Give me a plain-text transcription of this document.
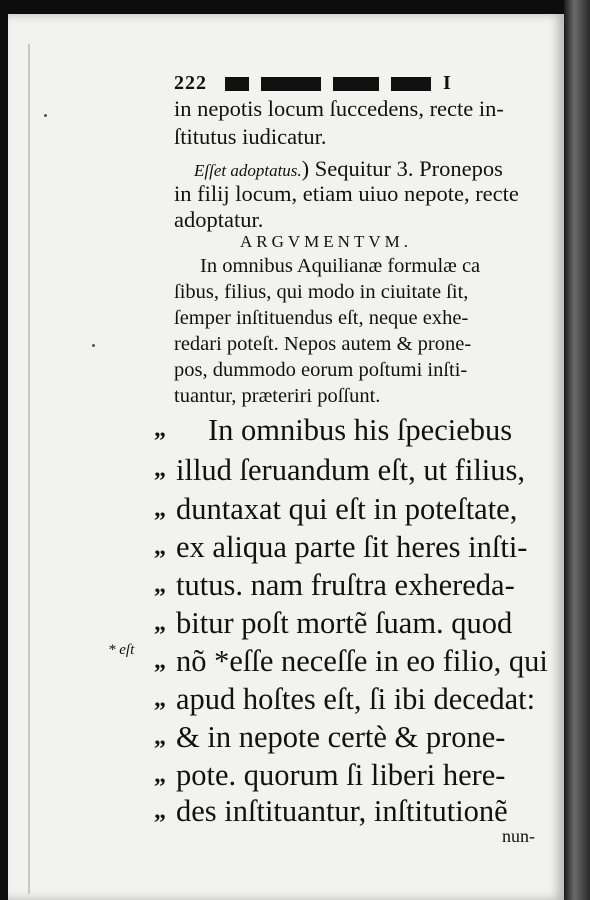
222	I
in nepotis locum ſuccedens, recte in-
ſtitutus iudicatur.
Eſſet adoptatus.) Sequitur 3. Pronepos
in filij locum, etiam uiuo nepote, recte
adoptatur.
ARGVMENTVM.
In omnibus Aquilianæ formulæ ca
ſibus, filius, qui modo in ciuitate ſit,
ſemper inſtituendus eſt, neque exhe-
redari poteſt. Nepos autem & prone-
pos, dummodo eorum poſtumi inſti-
tuantur, præteriri poſſunt.
„ In omnibus his ſpeciebus
„ illud ſeruandum eſt, ut filius,
„ duntaxat qui eſt in poteſtate,
„ ex aliqua parte ſit heres inſti-
„ tutus. nam fruſtra exhereda-
„ bitur poſt mortẽ ſuam. quod
* eſt „ nõ *eſſe neceſſe in eo filio, qui
„ apud hoſtes eſt, ſi ibi decedat:
„ & in nepote certè & prone-
„ pote. quorum ſi liberi here-
„ des inſtituantur, inſtitutionẽ
nun-
